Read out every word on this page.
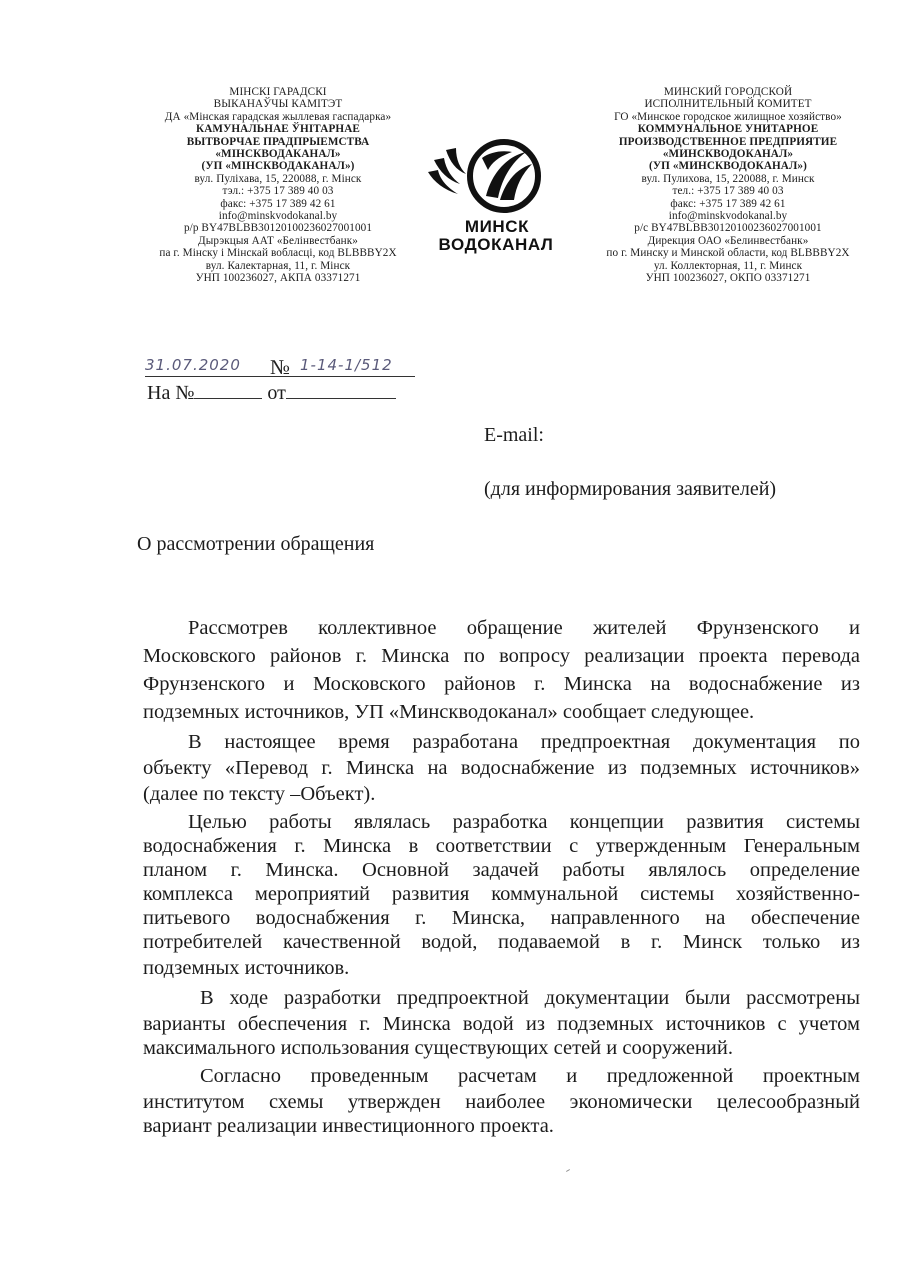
МІНСКІ ГАРАДСКІ
ВЫКАНАЎЧЫ КАМІТЭТ
ДА «Мінская гарадская жыллевая гаспадарка»
КАМУНАЛЬНАЕ ЎНІТАРНАЕ
ВЫТВОРЧАЕ ПРАДПРЫЕМСТВА
«МІНСКВОДАКАНАЛ»
(УП «МІНСКВОДАКАНАЛ»)
вул. Пуліхава, 15, 220088, г. Мінск
тэл.: +375 17 389 40 03
факс: +375 17 389 42 61
info@minskvodokanal.by
р/р BY47BLBB30120100236027001001
Дырэкцыя ААТ «Белінвестбанк»
па г. Мінску і Мінскай вобласці, код BLBBBY2X
вул. Калектарная, 11, г. Мінск
УНП 100236027, АКПА 03371271
МИНСК
ВОДОКАНАЛ
МИНСКИЙ ГОРОДСКОЙ
ИСПОЛНИТЕЛЬНЫЙ КОМИТЕТ
ГО «Минское городское жилищное хозяйство»
КОММУНАЛЬНОЕ УНИТАРНОЕ
ПРОИЗВОДСТВЕННОЕ ПРЕДПРИЯТИЕ
«МИНСКВОДОКАНАЛ»
(УП «МИНСКВОДОКАНАЛ»)
вул. Пулихова, 15, 220088, г. Минск
тел.: +375 17 389 40 03
факс: +375 17 389 42 61
info@minskvodokanal.by
р/с BY47BLBB30120100236027001001
Дирекция ОАО «Белинвестбанк»
по г. Минску и Минской области, код BLBBBY2X
ул. Коллекторная, 11, г. Минск
УНП 100236027, ОКПО 03371271
31.07.2020 № 1-14-1/512
На №	от
E-mail:
(для информирования заявителей)
О рассмотрении обращения
Рассмотрев коллективное обращение жителей Фрунзенского и
Московского районов г. Минска по вопросу реализации проекта перевода
Фрунзенского и Московского районов г. Минска на водоснабжение из
подземных источников, УП «Минскводоканал» сообщает следующее.
В настоящее время разработана предпроектная документация по
объекту «Перевод г. Минска на водоснабжение из подземных источников»
(далее по тексту –Объект).
Целью работы являлась разработка концепции развития системы
водоснабжения г. Минска в соответствии с утвержденным Генеральным
планом г. Минска. Основной задачей работы являлось определение
комплекса мероприятий развития коммунальной системы хозяйственно-
питьевого водоснабжения г. Минска, направленного на обеспечение
потребителей качественной водой, подаваемой в г. Минск только из
подземных источников.
В ходе разработки предпроектной документации были рассмотрены
варианты обеспечения г. Минска водой из подземных источников с учетом
максимального использования существующих сетей и сооружений.
Согласно проведенным расчетам и предложенной проектным
институтом схемы утвержден наиболее экономически целесообразный
вариант реализации инвестиционного проекта.
